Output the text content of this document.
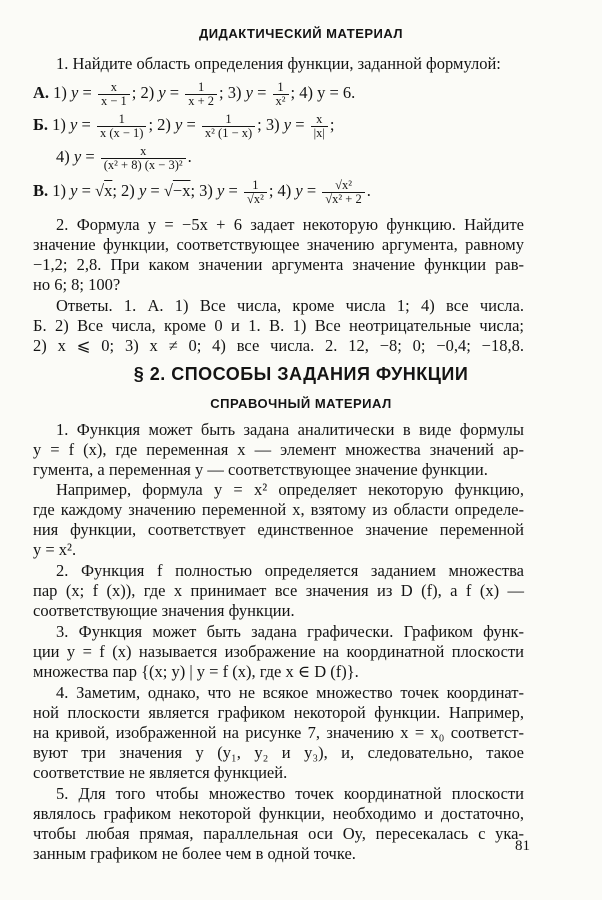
ДИДАКТИЧЕСКИЙ МАТЕРИАЛ
1. Найдите область определения функции, заданной формулой:
А. 1) $y = \frac{x}{x - 1}$ ; 2) $y = \frac{1}{x + 2}$ ; 3) $y = \frac{1}{\text{x²}}$ ; 4) y = 6.
Б. 1) $y = \frac{1}{x (x - 1)}$ ; 2) $y = \frac{1}{\text{x² (1 − x)}}$ ; 3) $y = \frac{x}{|x|}$ ;
4) $y = \frac{x}{\text{(x² + 8) (x − 3)²}}$ .
В. 1) y = √x; 2) y = √−x; 3) $y = \frac{1}{\text{√x²}}$ ; 4) $y = \frac{\text{√x²}}{\text{√x² + 2}}$ .
2. Формула y = −5x + 6 задает некоторую функцию. Найдите
значение функции, соответствующее значению аргумента, равному
−1,2; 2,8. При каком значении аргумента значение функции рав-
но 6; 8; 100?
Ответы. 1. А. 1) Все числа, кроме числа 1; 4) все числа.
Б. 2) Все числа, кроме 0 и 1. В. 1) Все неотрицательные числа;
2) x ⩽ 0; 3) x ≠ 0; 4) все числа. 2. 12, −8; 0; −0,4; −18,8.
§ 2. СПОСОБЫ ЗАДАНИЯ ФУНКЦИИ
СПРАВОЧНЫЙ МАТЕРИАЛ
1. Функция может быть задана аналитически в виде формулы
y = f (x), где переменная x — элемент множества значений ар-
гумента, а переменная y — соответствующее значение функции.
Например, формула y = x² определяет некоторую функцию,
где каждому значению переменной x, взятому из области определе-
ния функции, соответствует единственное значение переменной
y = x².
2. Функция f полностью определяется заданием множества
пар (x; f (x)), где x принимает все значения из D (f), а f (x) —
соответствующие значения функции.
3. Функция может быть задана графически. Графиком функ-
ции y = f (x) называется изображение на координатной плоскости
множества пар {(x; y) | y = f (x), где x ∈ D (f)}.
4. Заметим, однако, что не всякое множество точек координат-
ной плоскости является графиком некоторой функции. Например,
на кривой, изображенной на рисунке 7, значению x = x₀ соответст-
вуют три значения y (y₁, y₂ и y₃), и, следовательно, такое
соответствие не является функцией.
5. Для того чтобы множество точек координатной плоскости
являлось графиком некоторой функции, необходимо и достаточно,
чтобы любая прямая, параллельная оси Oy, пересекалась с ука-
занным графиком не более чем в одной точке.	81
